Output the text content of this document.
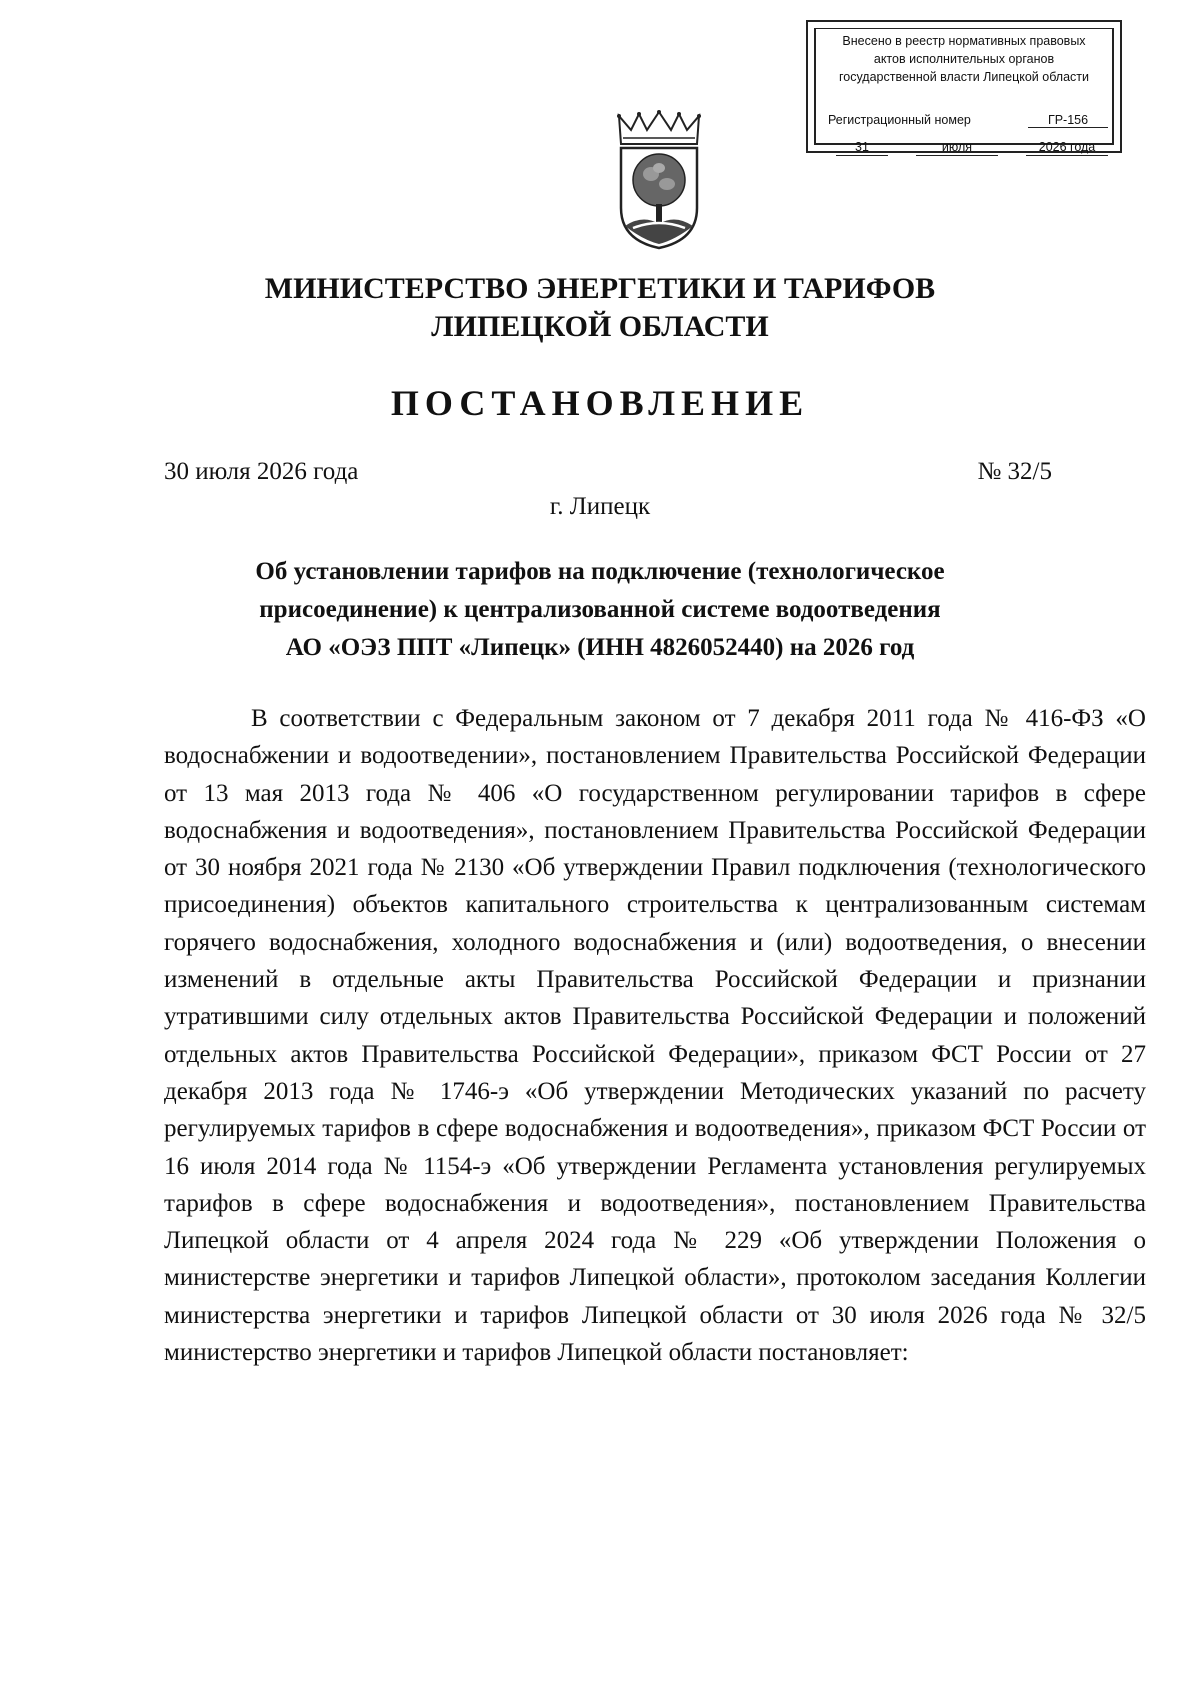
Внесено в реестр нормативных правовых
актов исполнительных органов
государственной власти Липецкой области
Регистрационный номер	ГР-156
31	июля	2026 года
МИНИСТЕРСТВО ЭНЕРГЕТИКИ И ТАРИФОВ
ЛИПЕЦКОЙ ОБЛАСТИ
ПОСТАНОВЛЕНИЕ
30 июля 2026 года	№ 32/5
г. Липецк
Об установлении тарифов на подключение (технологическое
присоединение) к централизованной системе водоотведения
АО «ОЭЗ ППТ «Липецк» (ИНН 4826052440) на 2026 год
В соответствии с Федеральным законом от 7 декабря 2011 года № 416-ФЗ «О водоснабжении и водоотведении», постановлением Правительства Российской Федерации от 13 мая 2013 года № 406 «О государственном регулировании тарифов в сфере водоснабжения и водоотведения», постановлением Правительства Российской Федерации от 30 ноября 2021 года № 2130 «Об утверждении Правил подключения (технологического присоединения) объектов капитального строительства к централизованным системам горячего водоснабжения, холодного водоснабжения и (или) водоотведения, о внесении изменений в отдельные акты Правительства Российской Федерации и признании утратившими силу отдельных актов Правительства Российской Федерации и положений отдельных актов Правительства Российской Федерации», приказом ФСТ России от 27 декабря 2013 года № 1746-э «Об утверждении Методических указаний по расчету регулируемых тарифов в сфере водоснабжения и водоотведения», приказом ФСТ России от 16 июля 2014 года № 1154-э «Об утверждении Регламента установления регулируемых тарифов в сфере водоснабжения и водоотведения», постановлением Правительства Липецкой области от 4 апреля 2024 года № 229 «Об утверждении Положения о министерстве энергетики и тарифов Липецкой области», протоколом заседания Коллегии министерства энергетики и тарифов Липецкой области от 30 июля 2026 года № 32/5 министерство энергетики и тарифов Липецкой области постановляет:
